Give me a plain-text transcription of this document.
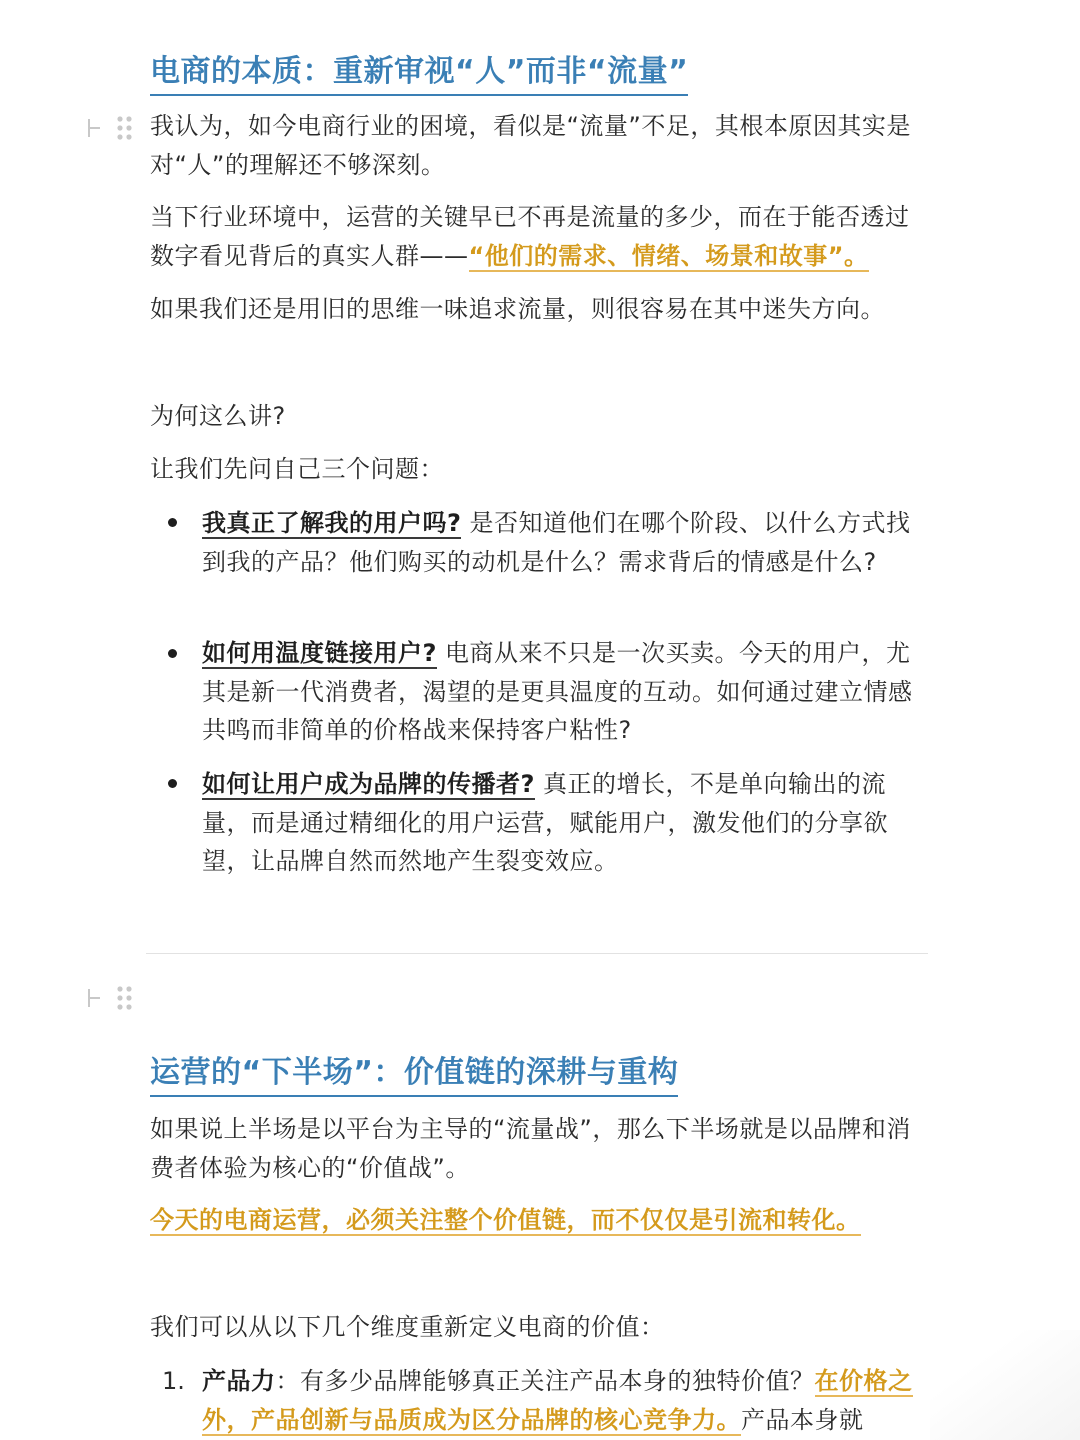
电商的本质：重新审视“人”而非“流量”
我认为，如今电商行业的困境，看似是“流量”不足，其根本原因其实是对“人”的理解还不够深刻。
当下行业环境中，运营的关键早已不再是流量的多少，而在于能否透过数字看见背后的真实人群——“他们的需求、情绪、场景和故事”。
如果我们还是用旧的思维一味追求流量，则很容易在其中迷失方向。
为何这么讲?
让我们先问自己三个问题：
我真正了解我的用户吗? 是否知道他们在哪个阶段、以什么方式找到我的产品？他们购买的动机是什么？需求背后的情感是什么?
如何用温度链接用户? 电商从来不只是一次买卖。今天的用户，尤其是新一代消费者，渴望的是更具温度的互动。如何通过建立情感共鸣而非简单的价格战来保持客户粘性?
如何让用户成为品牌的传播者? 真正的增长，不是单向输出的流量，而是通过精细化的用户运营，赋能用户，激发他们的分享欲望，让品牌自然而然地产生裂变效应。
运营的“下半场”：价值链的深耕与重构
如果说上半场是以平台为主导的“流量战”，那么下半场就是以品牌和消费者体验为核心的“价值战”。
今天的电商运营，必须关注整个价值链，而不仅仅是引流和转化。
我们可以从以下几个维度重新定义电商的价值：
1. 产品力：有多少品牌能够真正关注产品本身的独特价值？在价格之外，产品创新与品质成为区分品牌的核心竞争力。产品本身就
